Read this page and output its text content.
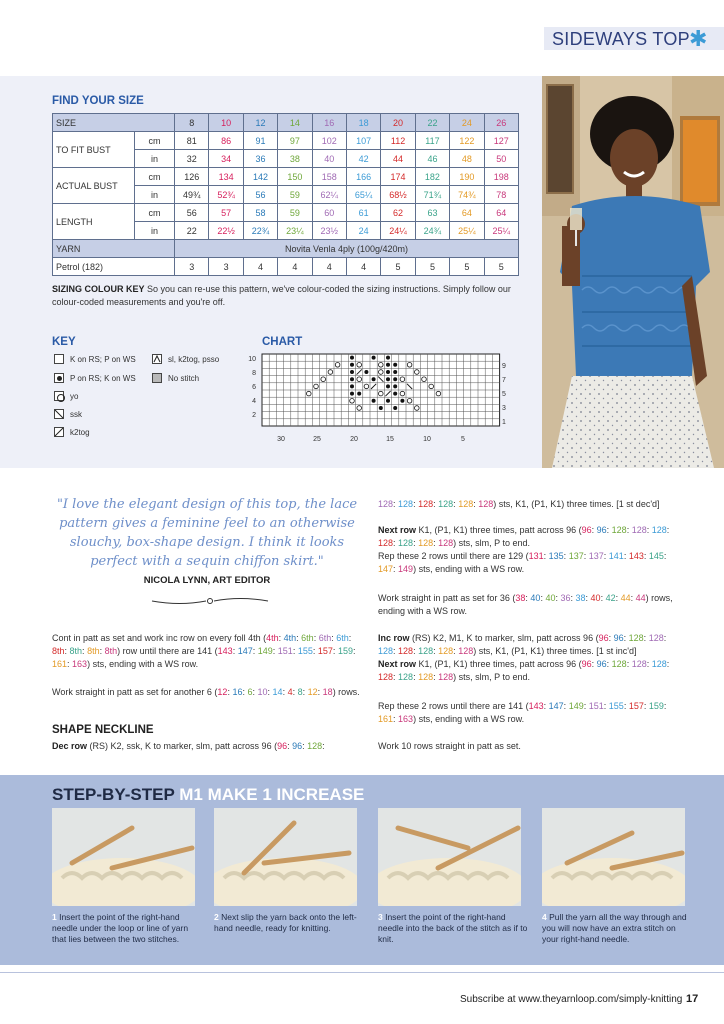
SIDEWAYS TOP ✱
FIND YOUR SIZE
SIZE		8	10	12	14	16	18	20	22	24	26
TO FIT BUST	cm	81	86	91	97	102	107	112	117	122	127
	in	32	34	36	38	40	42	44	46	48	50
ACTUAL BUST	cm	126	134	142	150	158	166	174	182	190	198
	in	49¾	52¾	56	59	62¼	65¼	68½	71¾	74¾	78
LENGTH	cm	56	57	58	59	60	61	62	63	64	64
	in	22	22½	22¾	23¼	23½	24	24¼	24¾	25¼	25¼
YARN		Novita Venla 4ply (100g/420m)									
Petrol (182)		3	3	4	4	4	4	5	5	5	5
SIZING COLOUR KEY So you can re-use this pattern, we've colour-coded the sizing instructions. Simply follow our colour-coded measurements and you're off.
KEY
K on RS; P on WS
P on RS; K on WS
yo
ssk
k2tog
sl, k2tog, psso
No stitch
CHART
10
8
6
4
2
9
7
5
3
1
30	25	20	15	10	5
"I love the elegant design of this top, the lace pattern gives a feminine feel to an otherwise slouchy, box-shape design. I think it looks perfect with a sequin chiffon skirt."
NICOLA LYNN, ART EDITOR
Cont in patt as set and work inc row on every foll 4th (4th: 4th: 6th: 6th: 6th: 8th: 8th: 8th: 8th) row until there are 141 (143: 147: 149: 151: 155: 157: 159: 161: 163) sts, ending with a WS row.
Work straight in patt as set for another 6 (12: 16: 6: 10: 14: 4: 8: 12: 18) rows.
SHAPE NECKLINE
Dec row (RS) K2, ssk, K to marker, slm, patt across 96 (96: 96: 128:
128: 128: 128: 128: 128: 128) sts, K1, (P1, K1) three times. [1 st dec'd]
Next row K1, (P1, K1) three times, patt across 96 (96: 96: 128: 128: 128: 128: 128: 128: 128) sts, slm, P to end.
Rep these 2 rows until there are 129 (131: 135: 137: 137: 141: 143: 145: 147: 149) sts, ending with a WS row.
Work straight in patt as set for 36 (38: 40: 40: 36: 38: 40: 42: 44: 44) rows, ending with a WS row.
Inc row (RS) K2, M1, K to marker, slm, patt across 96 (96: 96: 128: 128: 128: 128: 128: 128: 128) sts, K1, (P1, K1) three times. [1 st inc'd]
Next row K1, (P1, K1) three times, patt across 96 (96: 96: 128: 128: 128: 128: 128: 128: 128) sts, slm, P to end.
Rep these 2 rows until there are 141 (143: 147: 149: 151: 155: 157: 159: 161: 163) sts, ending with a WS row.
Work 10 rows straight in patt as set.
STEP-BY-STEP M1 MAKE 1 INCREASE
1 Insert the point of the right-hand needle under the loop or line of yarn that lies between the two stitches.
2 Next slip the yarn back onto the left-hand needle, ready for knitting.
3 Insert the point of the right-hand needle into the back of the stitch as if to knit.
4 Pull the yarn all the way through and you will now have an extra stitch on your right-hand needle.
Subscribe at www.theyarnloop.com/simply-knitting 17
